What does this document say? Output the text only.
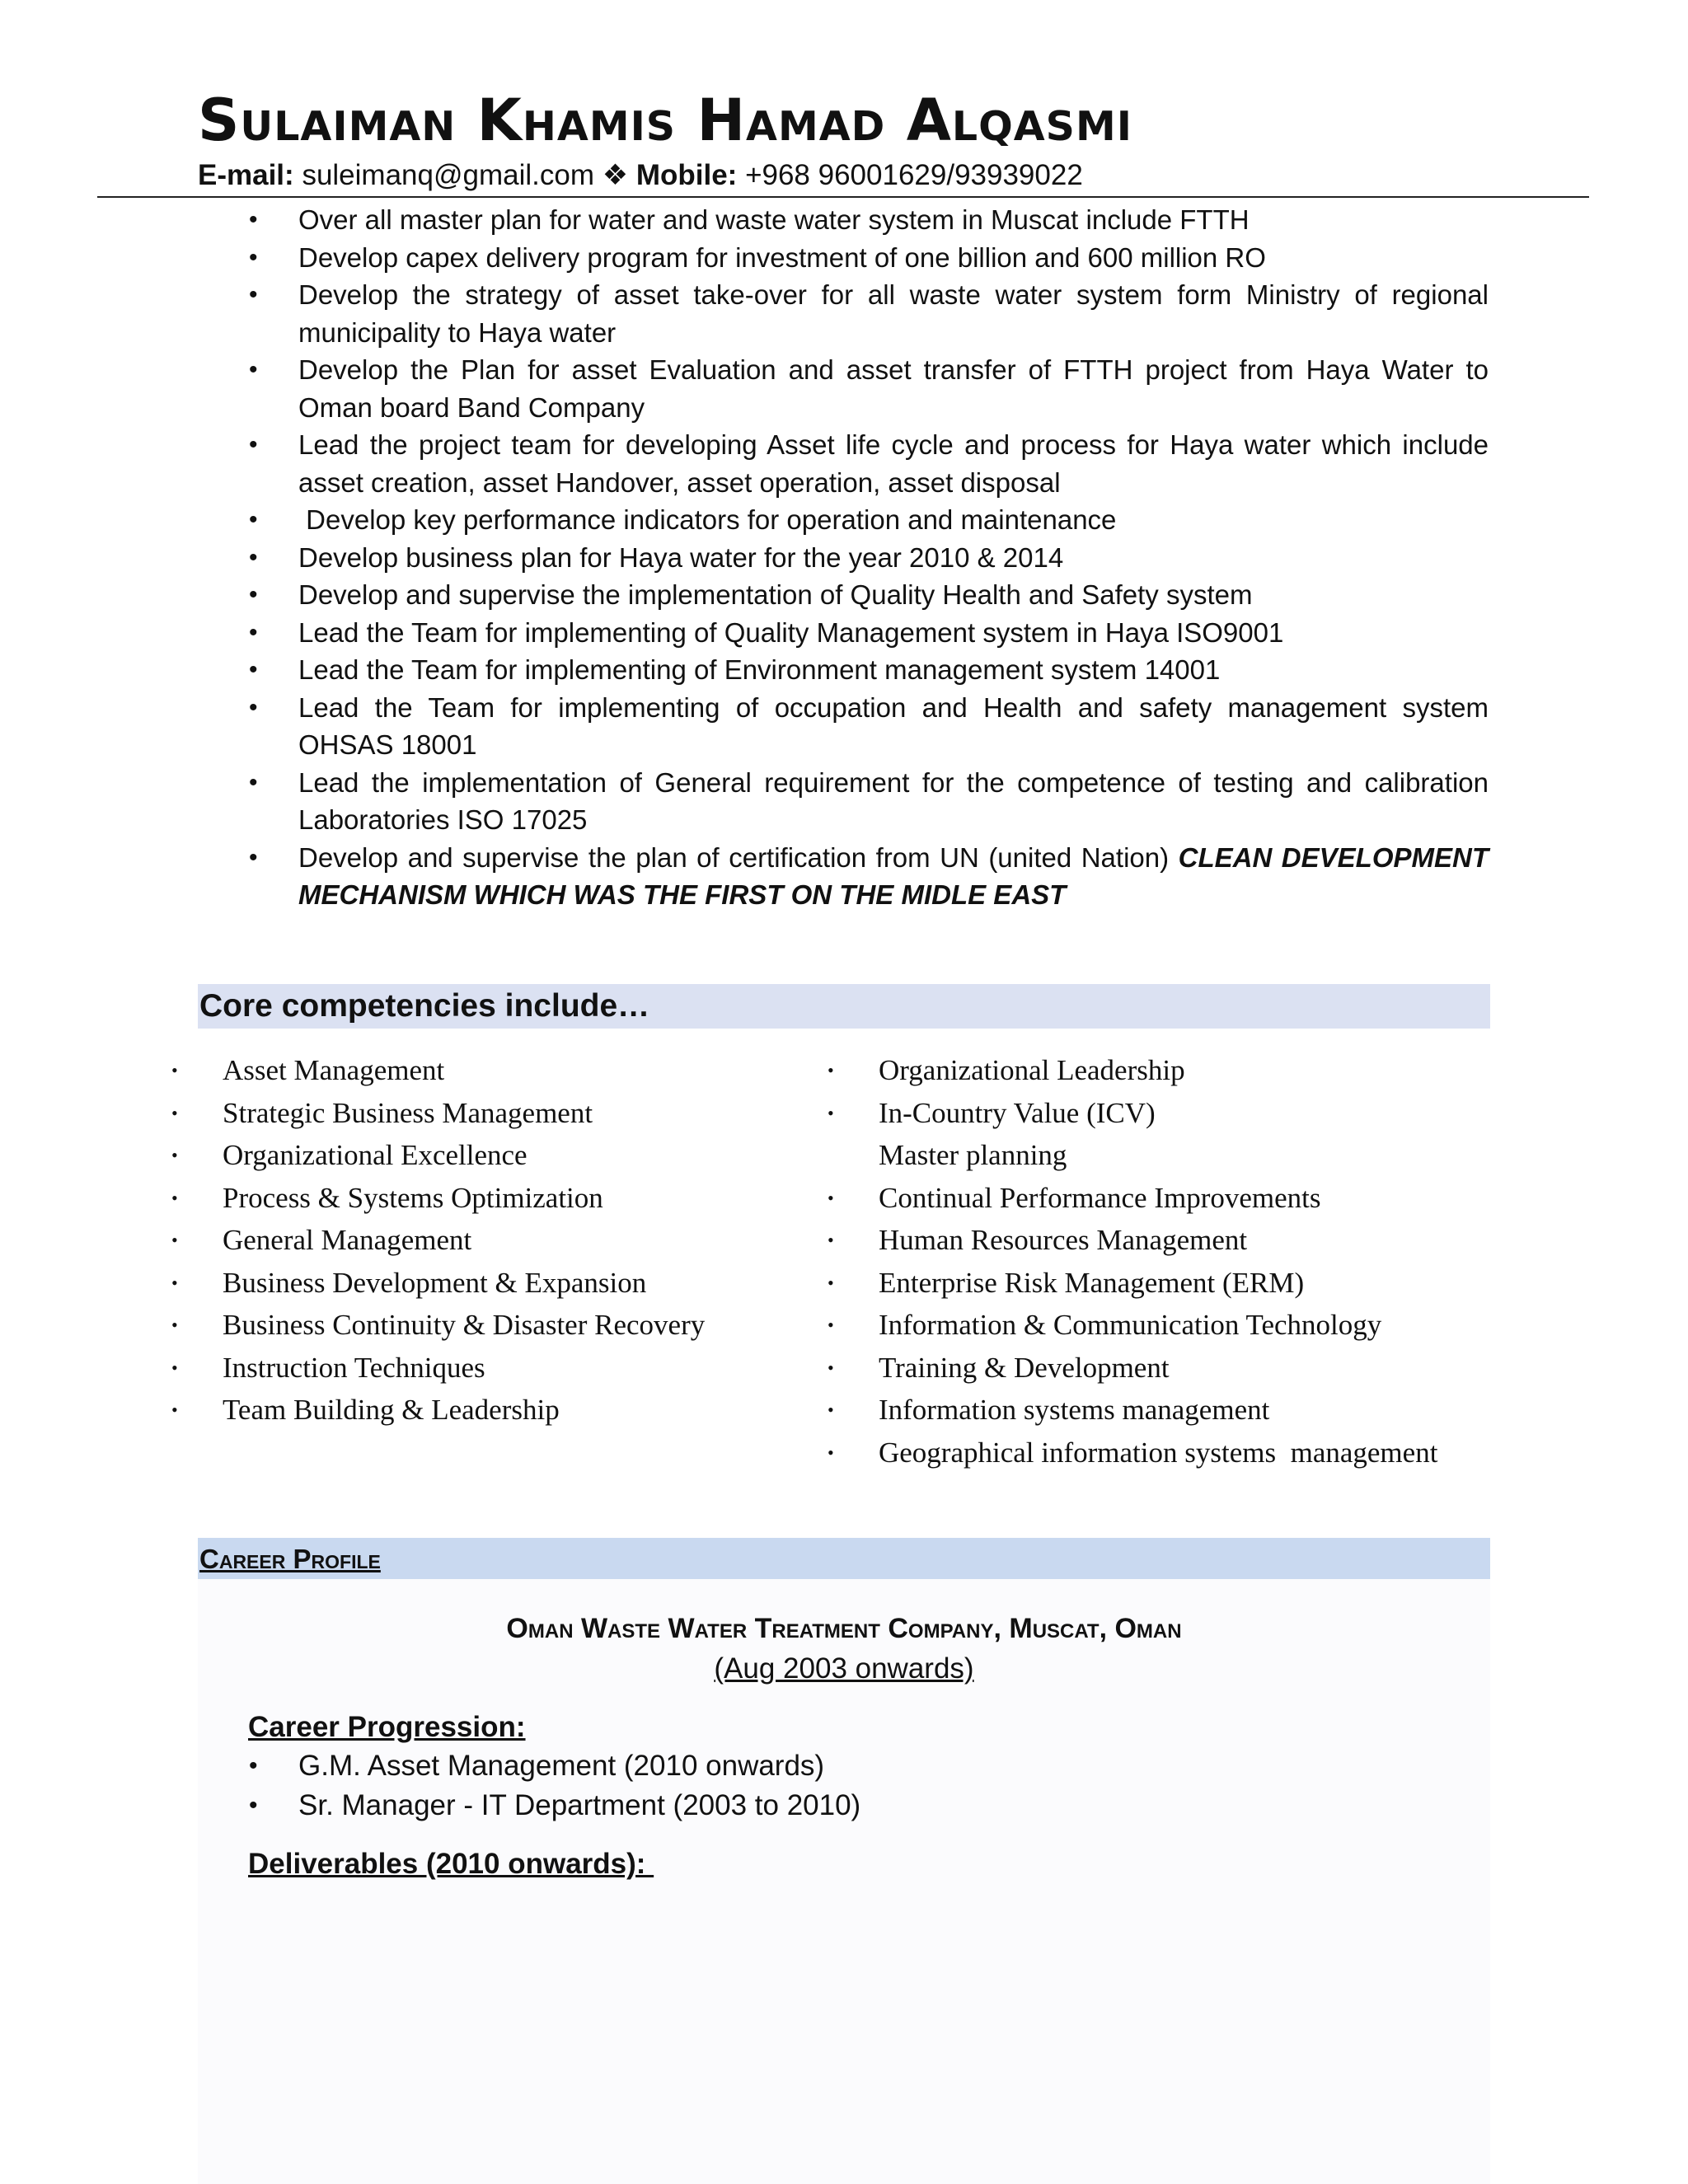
Sulaiman Khamis Hamad Alqasmi
E-mail: suleimanq@gmail.com ❖ Mobile: +968 96001629/93939022
• Over all master plan for water and waste water system in Muscat include FTTH
• Develop capex delivery program for investment of one billion and 600 million RO
• Develop the strategy of asset take-over for all waste water system form Ministry of regional municipality to Haya water
• Develop the Plan for asset Evaluation and asset transfer of FTTH project from Haya Water to Oman board Band Company
• Lead the project team for developing Asset life cycle and process for Haya water which include asset creation, asset Handover, asset operation, asset disposal
• Develop key performance indicators for operation and maintenance
• Develop business plan for Haya water for the year 2010 & 2014
• Develop and supervise the implementation of Quality Health and Safety system
• Lead the Team for implementing of Quality Management system in Haya ISO9001
• Lead the Team for implementing of Environment management system 14001
• Lead the Team for implementing of occupation and Health and safety management system OHSAS 18001
• Lead the implementation of General requirement for the competence of testing and calibration Laboratories ISO 17025
• Develop and supervise the plan of certification from UN (united Nation) CLEAN DEVELOPMENT MECHANISM WHICH WAS THE FIRST ON THE MIDLE EAST
Core competencies include…
• Asset Management
• Strategic Business Management
• Organizational Excellence
• Process & Systems Optimization
• General Management
• Business Development & Expansion
• Business Continuity & Disaster Recovery
• Instruction Techniques
• Team Building & Leadership
• Organizational Leadership
• In-Country Value (ICV)
Master planning
• Continual Performance Improvements
• Human Resources Management
• Enterprise Risk Management (ERM)
• Information & Communication Technology
• Training & Development
• Information systems management
• Geographical information systems  management
Career Profile
Oman Waste Water Treatment Company, Muscat, Oman
(Aug 2003 onwards)
Career Progression:
• G.M. Asset Management (2010 onwards)
• Sr. Manager - IT Department (2003 to 2010)
Deliverables (2010 onwards):
